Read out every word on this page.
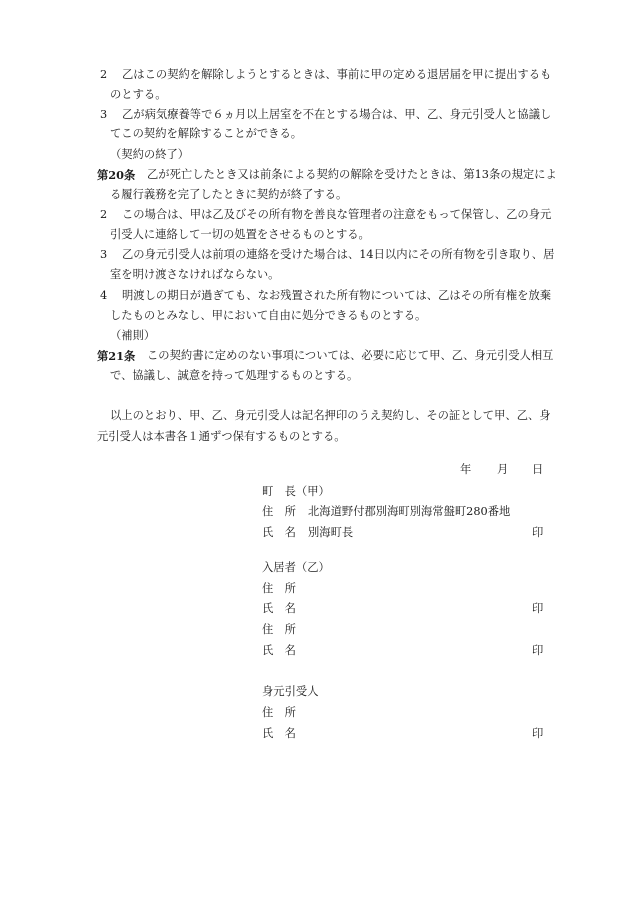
2 乙はこの契約を解除しようとするときは、事前に甲の定める退居届を甲に提出するも
のとする。
3 乙が病気療養等で６ヵ月以上居室を不在とする場合は、甲、乙、身元引受人と協議し
てこの契約を解除することができる。
（契約の終了）
第20条 乙が死亡したとき又は前条による契約の解除を受けたときは、第13条の規定によ
る履行義務を完了したときに契約が終了する。
2 この場合は、甲は乙及びその所有物を善良な管理者の注意をもって保管し、乙の身元
引受人に連絡して一切の処置をさせるものとする。
3 乙の身元引受人は前項の連絡を受けた場合は、14日以内にその所有物を引き取り、居
室を明け渡さなければならない。
4 明渡しの期日が過ぎても、なお残置された所有物については、乙はその所有権を放棄
したものとみなし、甲において自由に処分できるものとする。
（補則）
第21条 この契約書に定めのない事項については、必要に応じて甲、乙、身元引受人相互
で、協議し、誠意を持って処理するものとする。
以上のとおり、甲、乙、身元引受人は記名押印のうえ契約し、その証として甲、乙、身
元引受人は本書各１通ずつ保有するものとする。
年 月 日
町　長（甲）
住　所 北海道野付郡別海町別海常盤町280番地
氏　名 別海町長	印
入居者（乙）
住　所
氏　名	印
住　所
氏　名	印
身元引受人
住　所
氏　名	印
